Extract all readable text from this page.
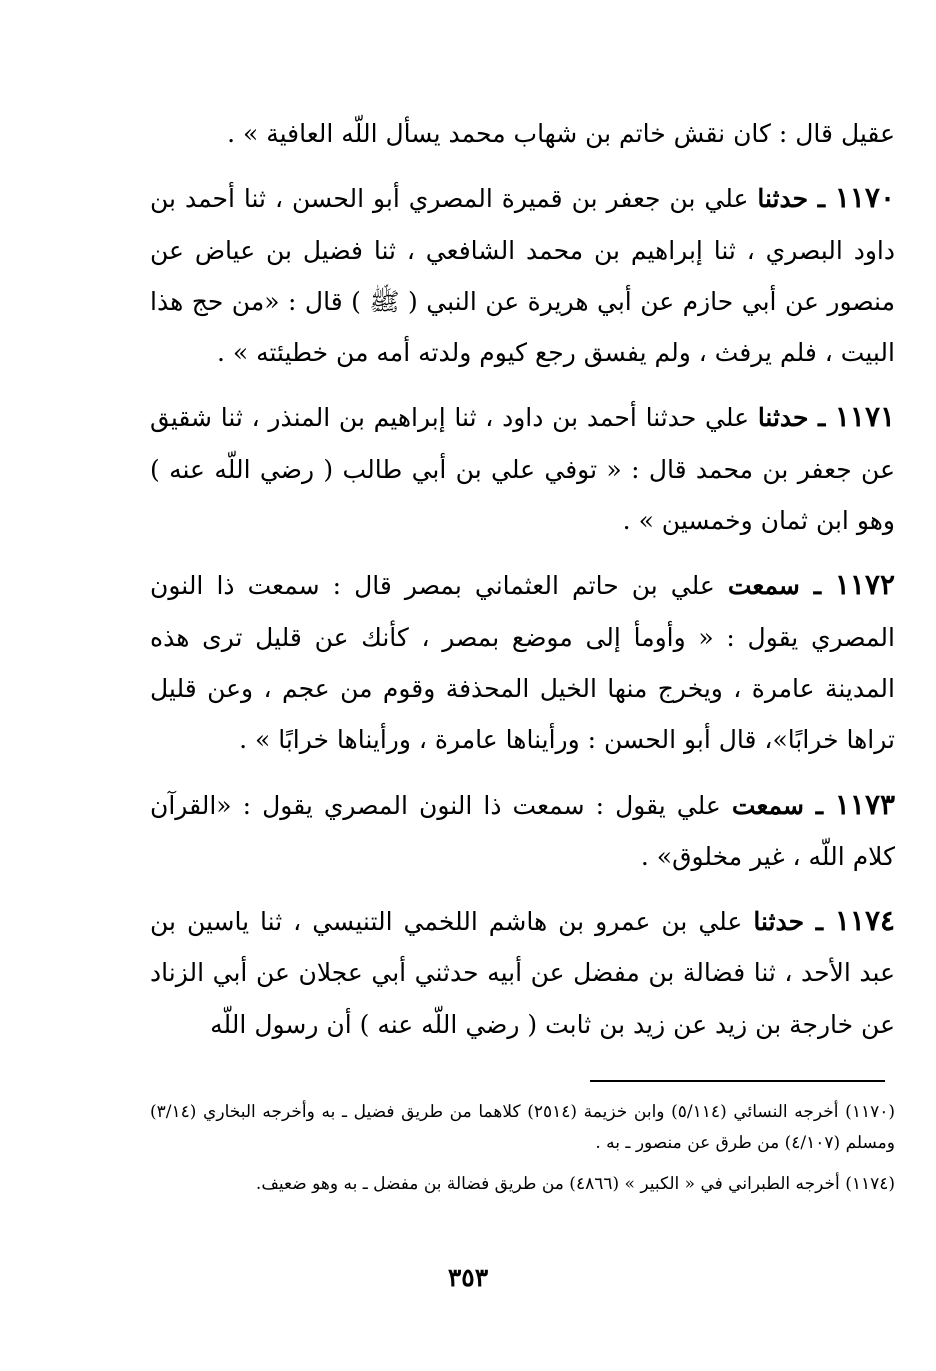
عقيل قال : كان نقش خاتم بن شهاب محمد يسأل اللّه العافية » .

١١٧٠ ـ حدثنا علي بن جعفر بن قميرة المصري أبو الحسن ، ثنا أحمد بن داود البصري ، ثنا إبراهيم بن محمد الشافعي ، ثنا فضيل بن عياض عن منصور عن أبي حازم عن أبي هريرة عن النبي ( ﷺ ) قال : «من حج هذا البيت ، فلم يرفث ، ولم يفسق رجع كيوم ولدته أمه من خطيئته » .

١١٧١ ـ حدثنا علي حدثنا أحمد بن داود ، ثنا إبراهيم بن المنذر ، ثنا شقيق عن جعفر بن محمد قال : « توفي علي بن أبي طالب ( رضي اللّه عنه ) وهو ابن ثمان وخمسين » .

١١٧٢ ـ سمعت علي بن حاتم العثماني بمصر قال : سمعت ذا النون المصري يقول : « وأومأ إلى موضع بمصر ، كأنك عن قليل ترى هذه المدينة عامرة ، ويخرج منها الخيل المحذفة وقوم من عجم ، وعن قليل تراها خرابًا»، قال أبو الحسن : ورأيناها عامرة ، ورأيناها خرابًا » .

١١٧٣ ـ سمعت علي يقول : سمعت ذا النون المصري يقول : «القرآن كلام اللّه ، غير مخلوق» .

١١٧٤ ـ حدثنا علي بن عمرو بن هاشم اللخمي التنيسي ، ثنا ياسين بن عبد الأحد ، ثنا فضالة بن مفضل عن أبيه حدثني أبي عجلان عن أبي الزناد عن خارجة بن زيد عن زيد بن ثابت ( رضي اللّه عنه ) أن رسول اللّه

(١١٧٠) أخرجه النسائي (٥/١١٤) وابن خزيمة (٢٥١٤) كلاهما من طريق فضيل ـ به وأخرجه البخاري (٣/١٤) ومسلم (٤/١٠٧) من طرق عن منصور ـ به .

(١١٧٤) أخرجه الطبراني في « الكبير » (٤٨٦٦) من طريق فضالة بن مفضل ـ به وهو ضعيف.

٣٥٣
